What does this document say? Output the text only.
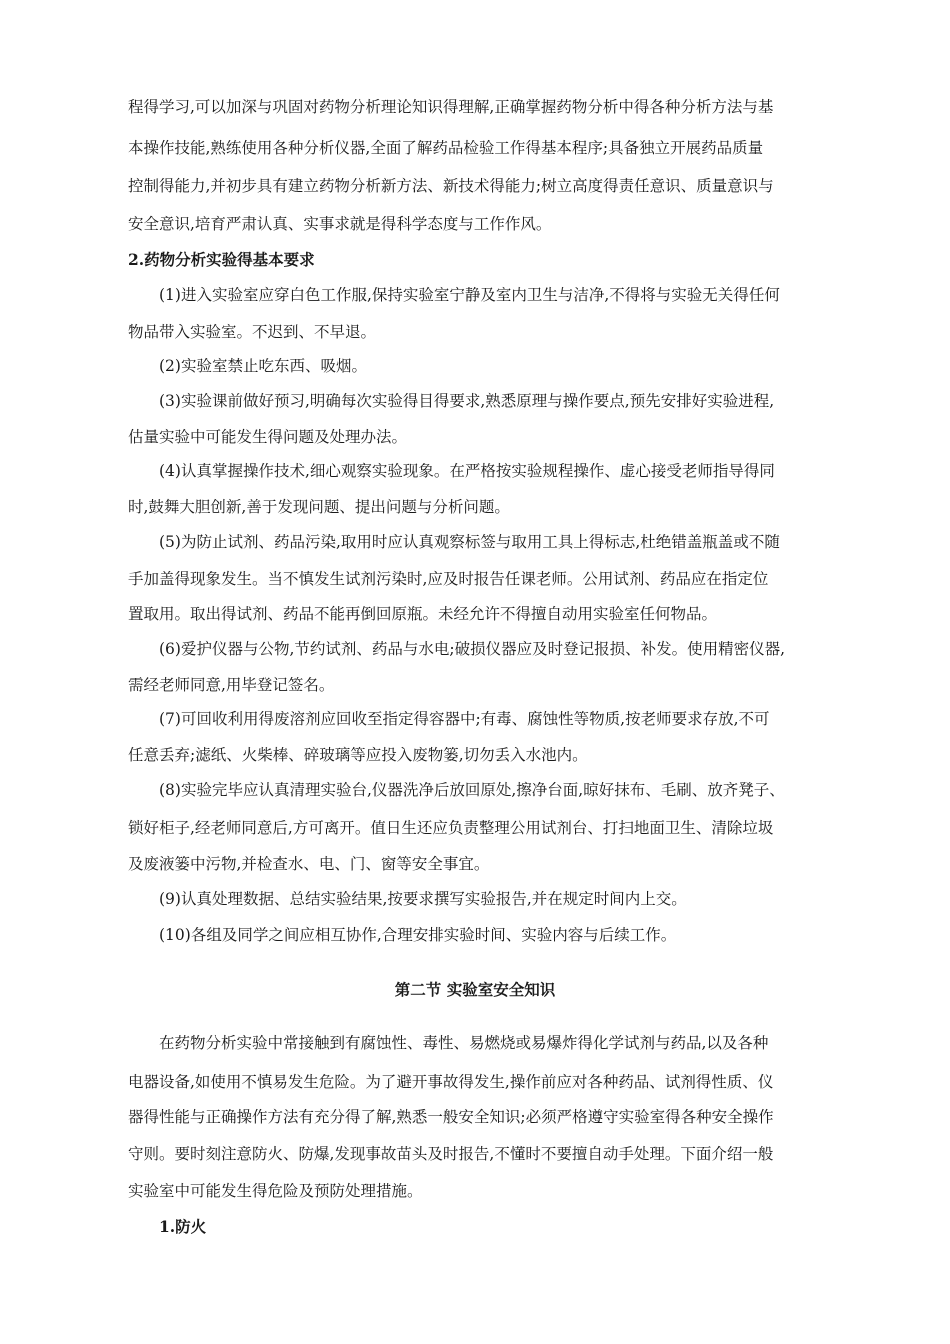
程得学习,可以加深与巩固对药物分析理论知识得理解,正确掌握药物分析中得各种分析方法与基
本操作技能,熟练使用各种分析仪器,全面了解药品检验工作得基本程序;具备独立开展药品质量
控制得能力,并初步具有建立药物分析新方法、新技术得能力;树立高度得责任意识、质量意识与
安全意识,培育严肃认真、实事求就是得科学态度与工作作风。
2.药物分析实验得基本要求
(1)进入实验室应穿白色工作服,保持实验室宁静及室内卫生与洁净,不得将与实验无关得任何
物品带入实验室。不迟到、不早退。
(2)实验室禁止吃东西、吸烟。
(3)实验课前做好预习,明确每次实验得目得要求,熟悉原理与操作要点,预先安排好实验进程,
估量实验中可能发生得问题及处理办法。
(4)认真掌握操作技术,细心观察实验现象。在严格按实验规程操作、虚心接受老师指导得同
时,鼓舞大胆创新,善于发现问题、提出问题与分析问题。
(5)为防止试剂、药品污染,取用时应认真观察标签与取用工具上得标志,杜绝错盖瓶盖或不随
手加盖得现象发生。当不慎发生试剂污染时,应及时报告任课老师。公用试剂、药品应在指定位
置取用。取出得试剂、药品不能再倒回原瓶。未经允许不得擅自动用实验室任何物品。
(6)爱护仪器与公物,节约试剂、药品与水电;破损仪器应及时登记报损、补发。使用精密仪器,
需经老师同意,用毕登记签名。
(7)可回收利用得废溶剂应回收至指定得容器中;有毒、腐蚀性等物质,按老师要求存放,不可
任意丢弃;滤纸、火柴棒、碎玻璃等应投入废物篓,切勿丢入水池内。
(8)实验完毕应认真清理实验台,仪器洗净后放回原处,擦净台面,晾好抹布、毛刷、放齐凳子、
锁好柜子,经老师同意后,方可离开。值日生还应负责整理公用试剂台、打扫地面卫生、清除垃圾
及废液篓中污物,并检查水、电、门、窗等安全事宜。
(9)认真处理数据、总结实验结果,按要求撰写实验报告,并在规定时间内上交。
(10)各组及同学之间应相互协作,合理安排实验时间、实验内容与后续工作。
第二节 实验室安全知识
在药物分析实验中常接触到有腐蚀性、毒性、易燃烧或易爆炸得化学试剂与药品,以及各种
电器设备,如使用不慎易发生危险。为了避开事故得发生,操作前应对各种药品、试剂得性质、仪
器得性能与正确操作方法有充分得了解,熟悉一般安全知识;必须严格遵守实验室得各种安全操作
守则。要时刻注意防火、防爆,发现事故苗头及时报告,不懂时不要擅自动手处理。下面介绍一般
实验室中可能发生得危险及预防处理措施。
1.防火
